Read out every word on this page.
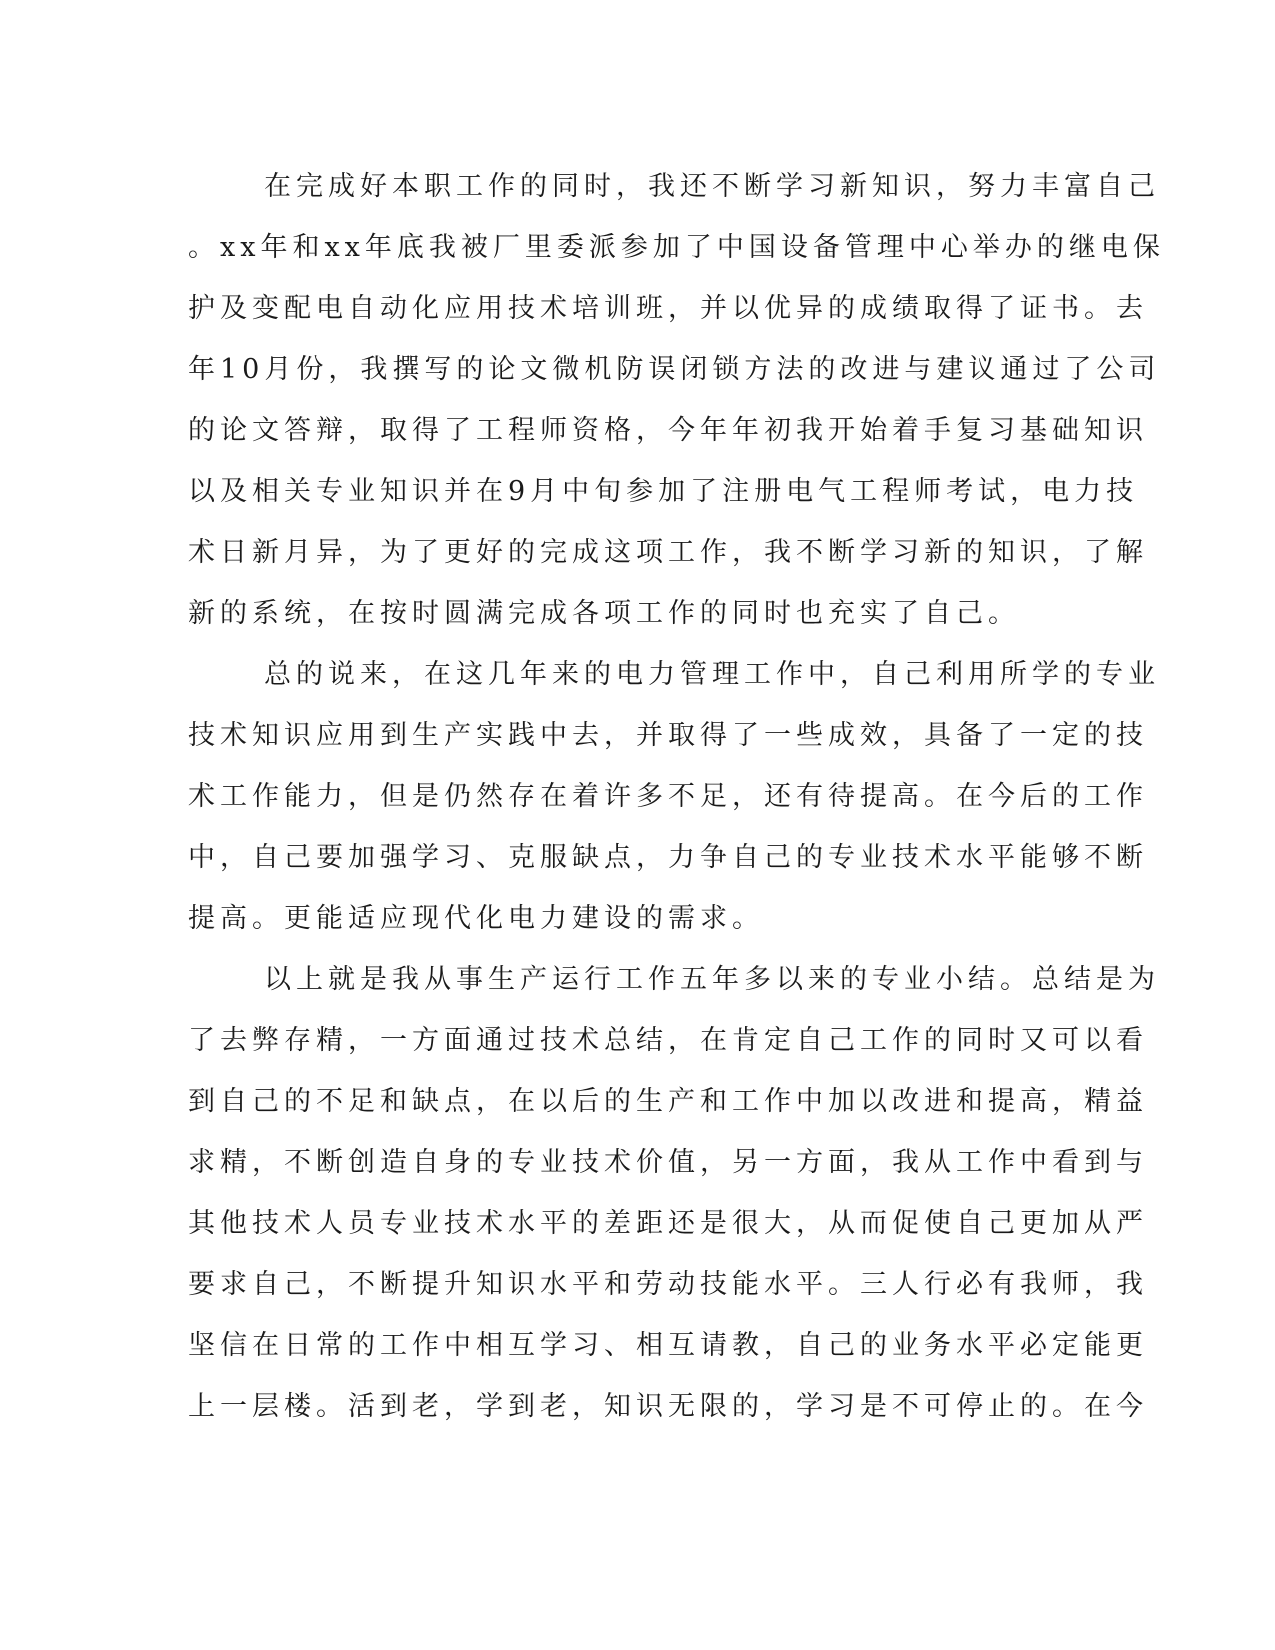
在完成好本职工作的同时，我还不断学习新知识，努力丰富自己
。xx年和xx年底我被厂里委派参加了中国设备管理中心举办的继电保
护及变配电自动化应用技术培训班，并以优异的成绩取得了证书。去
年10月份，我撰写的论文微机防误闭锁方法的改进与建议通过了公司
的论文答辩，取得了工程师资格，今年年初我开始着手复习基础知识
以及相关专业知识并在9月中旬参加了注册电气工程师考试，电力技
术日新月异，为了更好的完成这项工作，我不断学习新的知识，了解
新的系统，在按时圆满完成各项工作的同时也充实了自己。
总的说来，在这几年来的电力管理工作中，自己利用所学的专业
技术知识应用到生产实践中去，并取得了一些成效，具备了一定的技
术工作能力，但是仍然存在着许多不足，还有待提高。在今后的工作
中，自己要加强学习、克服缺点，力争自己的专业技术水平能够不断
提高。更能适应现代化电力建设的需求。
以上就是我从事生产运行工作五年多以来的专业小结。总结是为
了去弊存精，一方面通过技术总结，在肯定自己工作的同时又可以看
到自己的不足和缺点，在以后的生产和工作中加以改进和提高，精益
求精，不断创造自身的专业技术价值，另一方面，我从工作中看到与
其他技术人员专业技术水平的差距还是很大，从而促使自己更加从严
要求自己，不断提升知识水平和劳动技能水平。三人行必有我师，我
坚信在日常的工作中相互学习、相互请教，自己的业务水平必定能更
上一层楼。活到老，学到老，知识无限的，学习是不可停止的。在今
